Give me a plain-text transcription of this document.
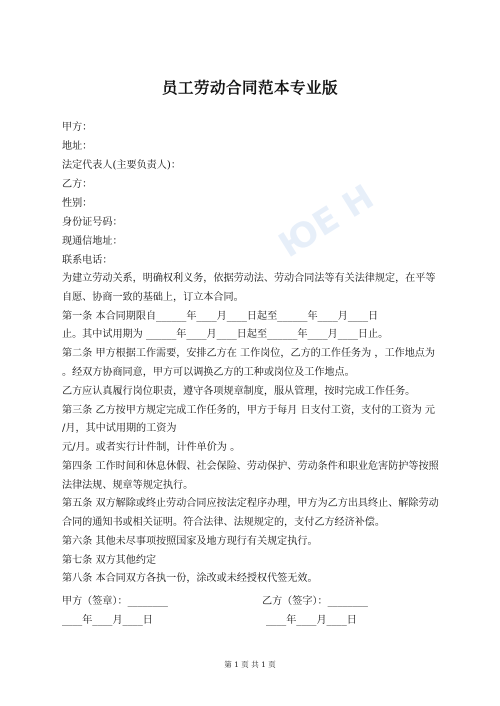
ЮЕ Н
员工劳动合同范本专业版
甲方：
地址：
法定代表人(主要负责人)：
乙方：
性别：
身份证号码：
现通信地址：
联系电话：
为建立劳动关系，明确权利义务，依据劳动法、劳动合同法等有关法律规定，在平等
自愿、协商一致的基础上，订立本合同。
第一条 本合同期限自______年____月____日起至______年____月____日
止。其中试用期为 ______年____月____日起至______年____月____日止。
第二条 甲方根据工作需要，安排乙方在 工作岗位，乙方的工作任务为 ，工作地点为
。经双方协商同意，甲方可以调换乙方的工种或岗位及工作地点。
乙方应认真履行岗位职责，遵守各项规章制度，服从管理，按时完成工作任务。
第三条 乙方按甲方规定完成工作任务的，甲方于每月 日支付工资，支付的工资为 元
/月，其中试用期的工资为
元/月。或者实行计件制，计件单价为 。
第四条 工作时间和休息休假、社会保险、劳动保护、劳动条件和职业危害防护等按照
法律法规、规章等规定执行。
第五条 双方解除或终止劳动合同应按法定程序办理，甲方为乙方出具终止、解除劳动
合同的通知书或相关证明。符合法律、法规规定的，支付乙方经济补偿。
第六条 其他未尽事项按照国家及地方现行有关规定执行。
第七条 双方其他约定
第八条 本合同双方各执一份，涂改或未经授权代签无效。
甲方（签章）：________	乙方（签字）：________
____年____月____日	____年____月____日
第 1 页 共 1 页
